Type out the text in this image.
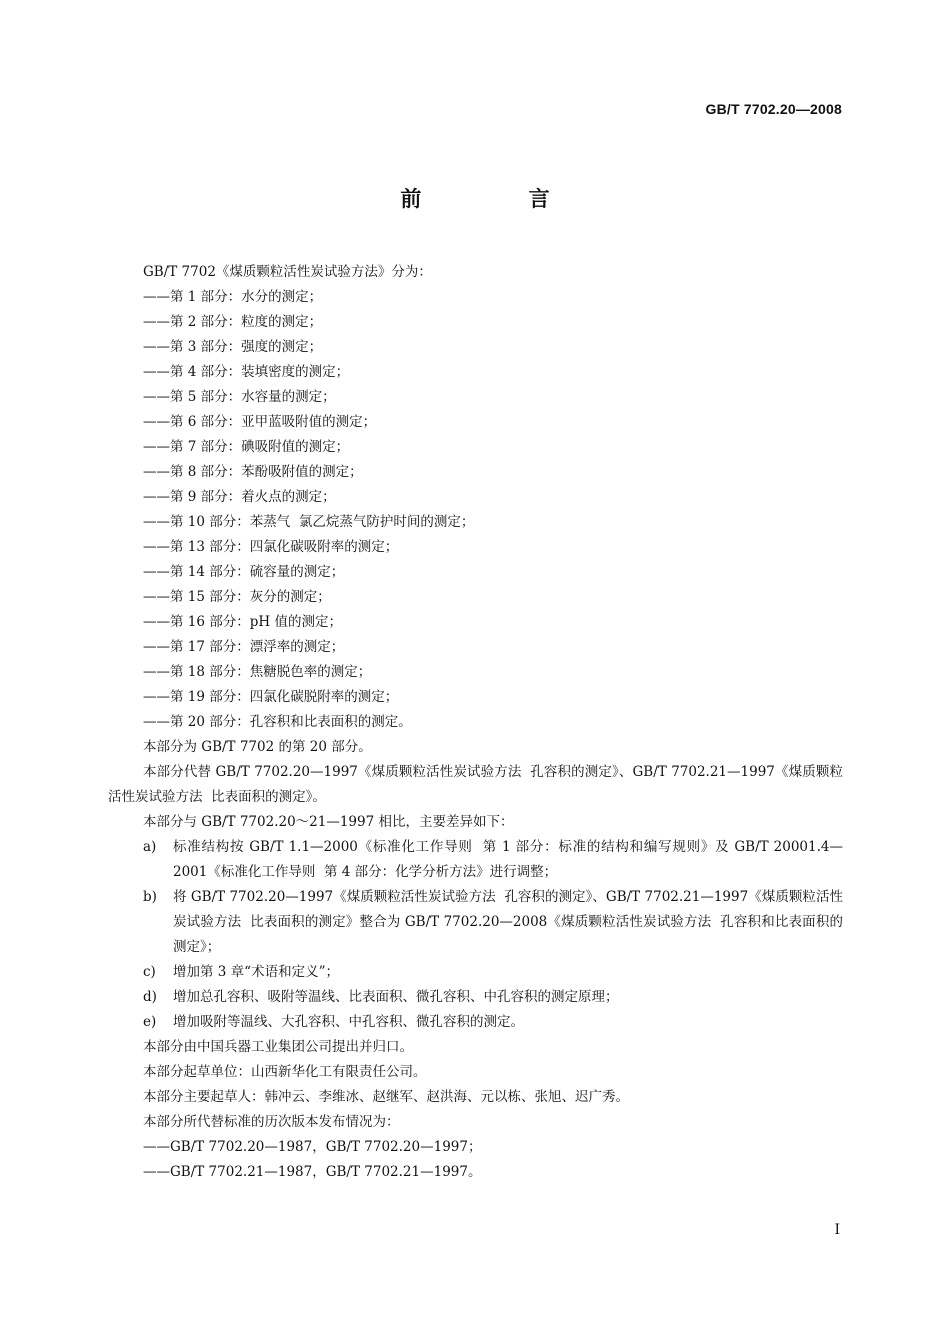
GB/T 7702.20—2008
前 言

GB/T 7702《煤质颗粒活性炭试验方法》分为：

——第 1 部分：水分的测定；

——第 2 部分：粒度的测定；

——第 3 部分：强度的测定；

——第 4 部分：装填密度的测定；

——第 5 部分：水容量的测定；

——第 6 部分：亚甲蓝吸附值的测定；

——第 7 部分：碘吸附值的测定；

——第 8 部分：苯酚吸附值的测定；

——第 9 部分：着火点的测定；

——第 10 部分：苯蒸气  氯乙烷蒸气防护时间的测定；

——第 13 部分：四氯化碳吸附率的测定；

——第 14 部分：硫容量的测定；

——第 15 部分：灰分的测定；

——第 16 部分：pH 值的测定；

——第 17 部分：漂浮率的测定；

——第 18 部分：焦糖脱色率的测定；

——第 19 部分：四氯化碳脱附率的测定；

——第 20 部分：孔容积和比表面积的测定。

本部分为 GB/T 7702 的第 20 部分。

本部分代替 GB/T 7702.20—1997《煤质颗粒活性炭试验方法  孔容积的测定》、GB/T 7702.21—1997《煤质颗粒活性炭试验方法  比表面积的测定》。

本部分与 GB/T 7702.20～21—1997 相比，主要差异如下：

a)	标准结构按 GB/T 1.1—2000《标准化工作导则  第 1 部分：标准的结构和编写规则》及 GB/T 20001.4—2001《标准化工作导则  第 4 部分：化学分析方法》进行调整；
b)	将 GB/T 7702.20—1997《煤质颗粒活性炭试验方法  孔容积的测定》、GB/T 7702.21—1997《煤质颗粒活性炭试验方法  比表面积的测定》整合为 GB/T 7702.20—2008《煤质颗粒活性炭试验方法  孔容积和比表面积的测定》；
c)	增加第 3 章“术语和定义”；
d)	增加总孔容积、吸附等温线、比表面积、微孔容积、中孔容积的测定原理；
e)	增加吸附等温线、大孔容积、中孔容积、微孔容积的测定。

本部分由中国兵器工业集团公司提出并归口。

本部分起草单位：山西新华化工有限责任公司。

本部分主要起草人：韩冲云、李维冰、赵继军、赵洪海、元以栋、张旭、迟广秀。

本部分所代替标准的历次版本发布情况为：

——GB/T 7702.20—1987，GB/T 7702.20—1997；

——GB/T 7702.21—1987，GB/T 7702.21—1997。

I
